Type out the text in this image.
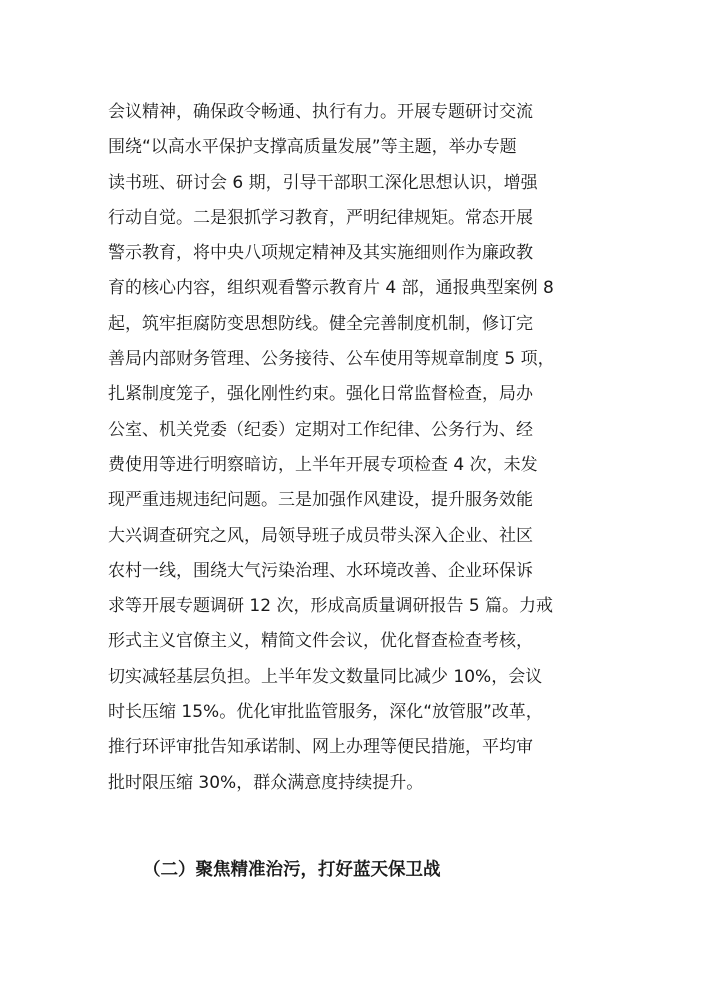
会议精神，确保政令畅通、执行有力。开展专题研讨交流
围绕“以高水平保护支撑高质量发展”等主题，举办专题
读书班、研讨会 6 期，引导干部职工深化思想认识，增强
行动自觉。二是狠抓学习教育，严明纪律规矩。常态开展
警示教育，将中央八项规定精神及其实施细则作为廉政教
育的核心内容，组织观看警示教育片 4 部，通报典型案例 8
起，筑牢拒腐防变思想防线。健全完善制度机制，修订完
善局内部财务管理、公务接待、公车使用等规章制度 5 项，
扎紧制度笼子，强化刚性约束。强化日常监督检查，局办
公室、机关党委（纪委）定期对工作纪律、公务行为、经
费使用等进行明察暗访，上半年开展专项检查 4 次，未发
现严重违规违纪问题。三是加强作风建设，提升服务效能
大兴调查研究之风，局领导班子成员带头深入企业、社区
农村一线，围绕大气污染治理、水环境改善、企业环保诉
求等开展专题调研 12 次，形成高质量调研报告 5 篇。力戒
形式主义官僚主义，精简文件会议，优化督查检查考核，
切实减轻基层负担。上半年发文数量同比减少 10%，会议
时长压缩 15%。优化审批监管服务，深化“放管服”改革，
推行环评审批告知承诺制、网上办理等便民措施，平均审
批时限压缩 30%，群众满意度持续提升。
（二）聚焦精准治污，打好蓝天保卫战
